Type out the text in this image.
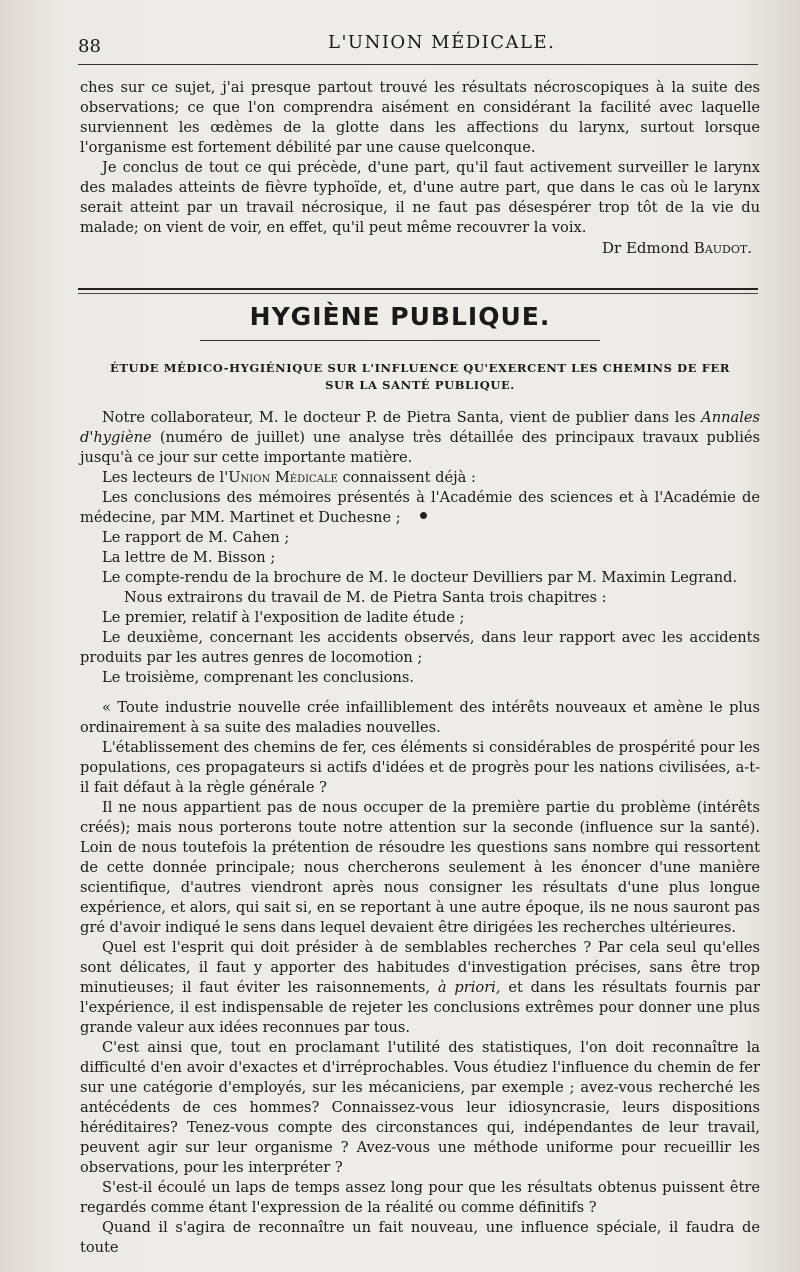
88	L'UNION MÉDICALE.

ches sur ce sujet, j'ai presque partout trouvé les résultats nécroscopiques à la suite des observations; ce que l'on comprendra aisément en considérant la facilité avec laquelle surviennent les œdèmes de la glotte dans les affections du larynx, surtout lorsque l'organisme est fortement débilité par une cause quelconque.

Je conclus de tout ce qui précède, d'une part, qu'il faut activement surveiller le larynx des malades atteints de fièvre typhoïde, et, d'une autre part, que dans le cas où le larynx serait atteint par un travail nécrosique, il ne faut pas désespérer trop tôt de la vie du malade; on vient de voir, en effet, qu'il peut même recouvrer la voix.

Dr Edmond Baudot.

HYGIÈNE PUBLIQUE.
ÉTUDE MÉDICO-HYGIÉNIQUE SUR L'INFLUENCE QU'EXERCENT LES CHEMINS DE FER SUR LA SANTÉ PUBLIQUE.

Notre collaborateur, M. le docteur P. de Pietra Santa, vient de publier dans les Annales d'hygiène (numéro de juillet) une analyse très détaillée des principaux travaux publiés jusqu'à ce jour sur cette importante matière.

Les lecteurs de l'Union Médicale connaissent déjà :

Les conclusions des mémoires présentés à l'Académie des sciences et à l'Académie de médecine, par MM. Martinet et Duchesne ;

Le rapport de M. Cahen ;

La lettre de M. Bisson ;

Le compte-rendu de la brochure de M. le docteur Devilliers par M. Maximin Legrand.

Nous extrairons du travail de M. de Pietra Santa trois chapitres :

Le premier, relatif à l'exposition de ladite étude ;

Le deuxième, concernant les accidents observés, dans leur rapport avec les accidents produits par les autres genres de locomotion ;

Le troisième, comprenant les conclusions.

« Toute industrie nouvelle crée infailliblement des intérêts nouveaux et amène le plus ordinairement à sa suite des maladies nouvelles.

L'établissement des chemins de fer, ces éléments si considérables de prospérité pour les populations, ces propagateurs si actifs d'idées et de progrès pour les nations civilisées, a-t-il fait défaut à la règle générale ?

Il ne nous appartient pas de nous occuper de la première partie du problème (intérêts créés); mais nous porterons toute notre attention sur la seconde (influence sur la santé). Loin de nous toutefois la prétention de résoudre les questions sans nombre qui ressortent de cette donnée principale; nous chercherons seulement à les énoncer d'une manière scientifique, d'autres viendront après nous consigner les résultats d'une plus longue expérience, et alors, qui sait si, en se reportant à une autre époque, ils ne nous sauront pas gré d'avoir indiqué le sens dans lequel devaient être dirigées les recherches ultérieures.

Quel est l'esprit qui doit présider à de semblables recherches ? Par cela seul qu'elles sont délicates, il faut y apporter des habitudes d'investigation précises, sans être trop minutieuses; il faut éviter les raisonnements, à priori, et dans les résultats fournis par l'expérience, il est indispensable de rejeter les conclusions extrêmes pour donner une plus grande valeur aux idées reconnues par tous.

C'est ainsi que, tout en proclamant l'utilité des statistiques, l'on doit reconnaître la difficulté d'en avoir d'exactes et d'irréprochables. Vous étudiez l'influence du chemin de fer sur une catégorie d'employés, sur les mécaniciens, par exemple ; avez-vous recherché les antécédents de ces hommes? Connaissez-vous leur idiosyncrasie, leurs dispositions héréditaires? Tenez-vous compte des circonstances qui, indépendantes de leur travail, peuvent agir sur leur organisme ? Avez-vous une méthode uniforme pour recueillir les observations, pour les interpréter ?

S'est-il écoulé un laps de temps assez long pour que les résultats obtenus puissent être regardés comme étant l'expression de la réalité ou comme définitifs ?

Quand il s'agira de reconnaître un fait nouveau, une influence spéciale, il faudra de toute
